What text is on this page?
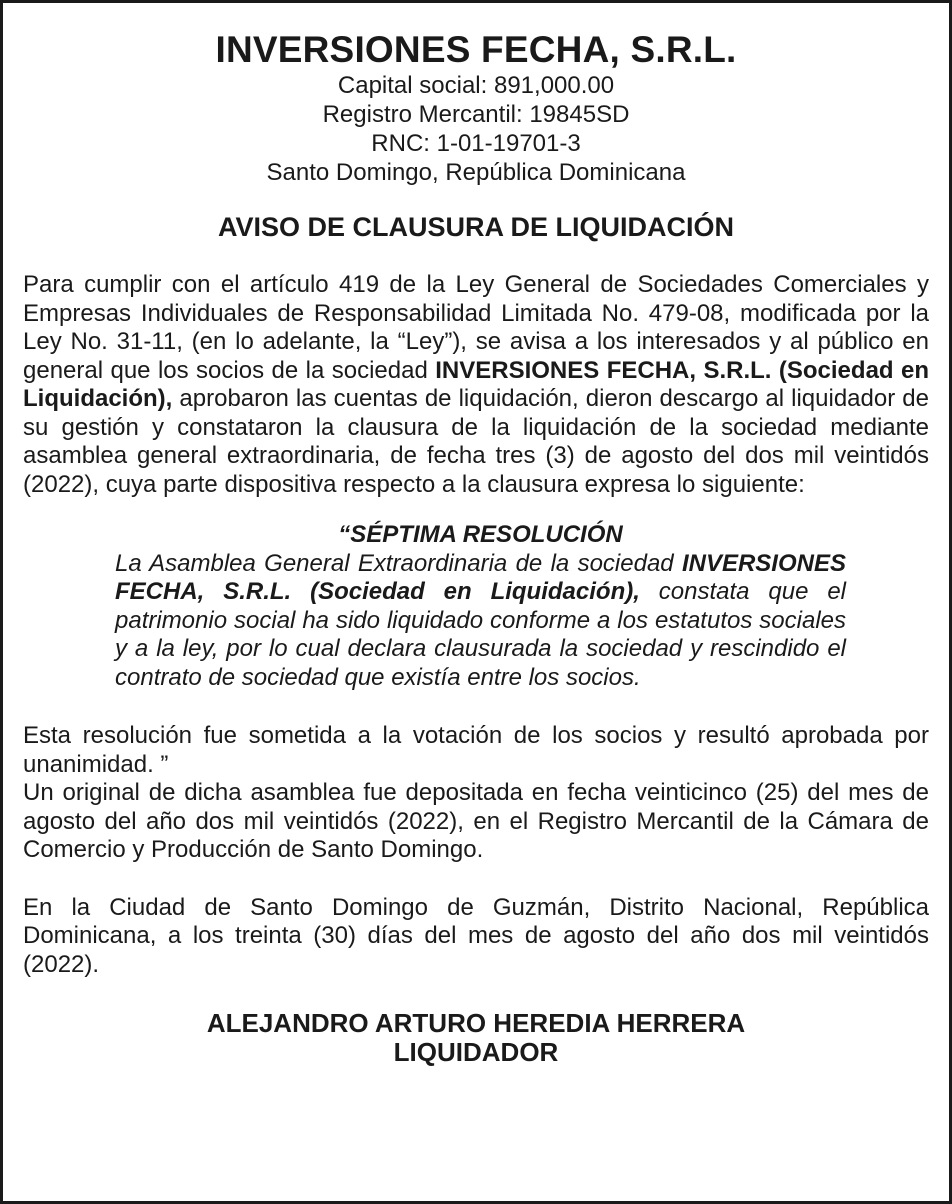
INVERSIONES FECHA, S.R.L.
Capital social: 891,000.00
Registro Mercantil: 19845SD
RNC: 1-01-19701-3
Santo Domingo, República Dominicana
AVISO DE CLAUSURA DE LIQUIDACIÓN

Para cumplir con el artículo 419 de la Ley General de Sociedades Comerciales y Empresas Individuales de Responsabilidad Limitada No. 479-08, modificada por la Ley No. 31-11, (en lo adelante, la “Ley”), se avisa a los interesados y al público en general que los socios de la sociedad INVERSIONES FECHA, S.R.L. (Sociedad en Liquidación), aprobaron las cuentas de liquidación, dieron descargo al liquidador de su gestión y constataron la clausura de la liquidación de la sociedad mediante asamblea general extraordinaria, de fecha tres (3) de agosto del dos mil veintidós (2022), cuya parte dispositiva respecto a la clausura expresa lo siguiente:

“SÉPTIMA RESOLUCIÓN
La Asamblea General Extraordinaria de la sociedad INVERSIONES FECHA, S.R.L. (Sociedad en Liquidación), constata que el patrimonio social ha sido liquidado conforme a los estatutos sociales y a la ley, por lo cual declara clausurada la sociedad y rescindido el contrato de sociedad que existía entre los socios.

Esta resolución fue sometida a la votación de los socios y resultó aprobada por unanimidad. ”

Un original de dicha asamblea fue depositada en fecha veinticinco (25) del mes de agosto del año dos mil veintidós (2022), en el Registro Mercantil de la Cámara de Comercio y Producción de Santo Domingo.

En la Ciudad de Santo Domingo de Guzmán, Distrito Nacional, República Dominicana, a los treinta (30) días del mes de agosto del año dos mil veintidós (2022).

ALEJANDRO ARTURO HEREDIA HERRERA
LIQUIDADOR
